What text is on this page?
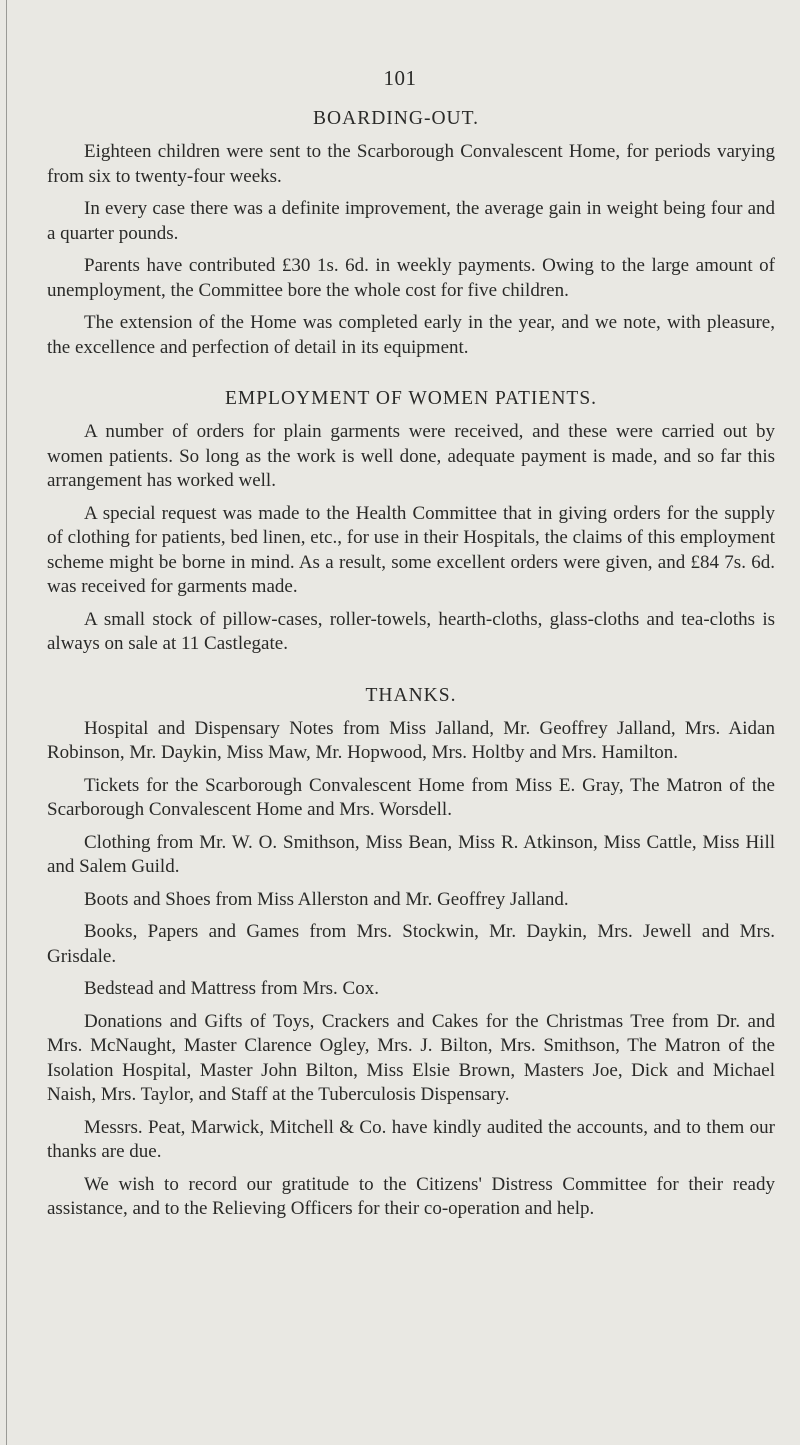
101
BOARDING-OUT.

Eighteen children were sent to the Scarborough Convalescent Home, for periods varying from six to twenty-four weeks.

In every case there was a definite improvement, the average gain in weight being four and a quarter pounds.

Parents have contributed £30 1s. 6d. in weekly payments. Owing to the large amount of unemployment, the Committee bore the whole cost for five children.

The extension of the Home was completed early in the year, and we note, with pleasure, the excellence and perfection of detail in its equipment.

EMPLOYMENT OF WOMEN PATIENTS.

A number of orders for plain garments were received, and these were carried out by women patients. So long as the work is well done, adequate payment is made, and so far this arrangement has worked well.

A special request was made to the Health Committee that in giving orders for the supply of clothing for patients, bed linen, etc., for use in their Hospitals, the claims of this employment scheme might be borne in mind. As a result, some excellent orders were given, and £84 7s. 6d. was received for garments made.

A small stock of pillow-cases, roller-towels, hearth-cloths, glass-cloths and tea-cloths is always on sale at 11 Castlegate.

THANKS.

Hospital and Dispensary Notes from Miss Jalland, Mr. Geoffrey Jalland, Mrs. Aidan Robinson, Mr. Daykin, Miss Maw, Mr. Hopwood, Mrs. Holtby and Mrs. Hamilton.

Tickets for the Scarborough Convalescent Home from Miss E. Gray, The Matron of the Scarborough Convalescent Home and Mrs. Worsdell.

Clothing from Mr. W. O. Smithson, Miss Bean, Miss R. Atkinson, Miss Cattle, Miss Hill and Salem Guild.

Boots and Shoes from Miss Allerston and Mr. Geoffrey Jalland.

Books, Papers and Games from Mrs. Stockwin, Mr. Daykin, Mrs. Jewell and Mrs. Grisdale.

Bedstead and Mattress from Mrs. Cox.

Donations and Gifts of Toys, Crackers and Cakes for the Christmas Tree from Dr. and Mrs. McNaught, Master Clarence Ogley, Mrs. J. Bilton, Mrs. Smithson, The Matron of the Isolation Hospital, Master John Bilton, Miss Elsie Brown, Masters Joe, Dick and Michael Naish, Mrs. Taylor, and Staff at the Tuberculosis Dispensary.

Messrs. Peat, Marwick, Mitchell & Co. have kindly audited the accounts, and to them our thanks are due.

We wish to record our gratitude to the Citizens' Distress Committee for their ready assistance, and to the Relieving Officers for their co-operation and help.
